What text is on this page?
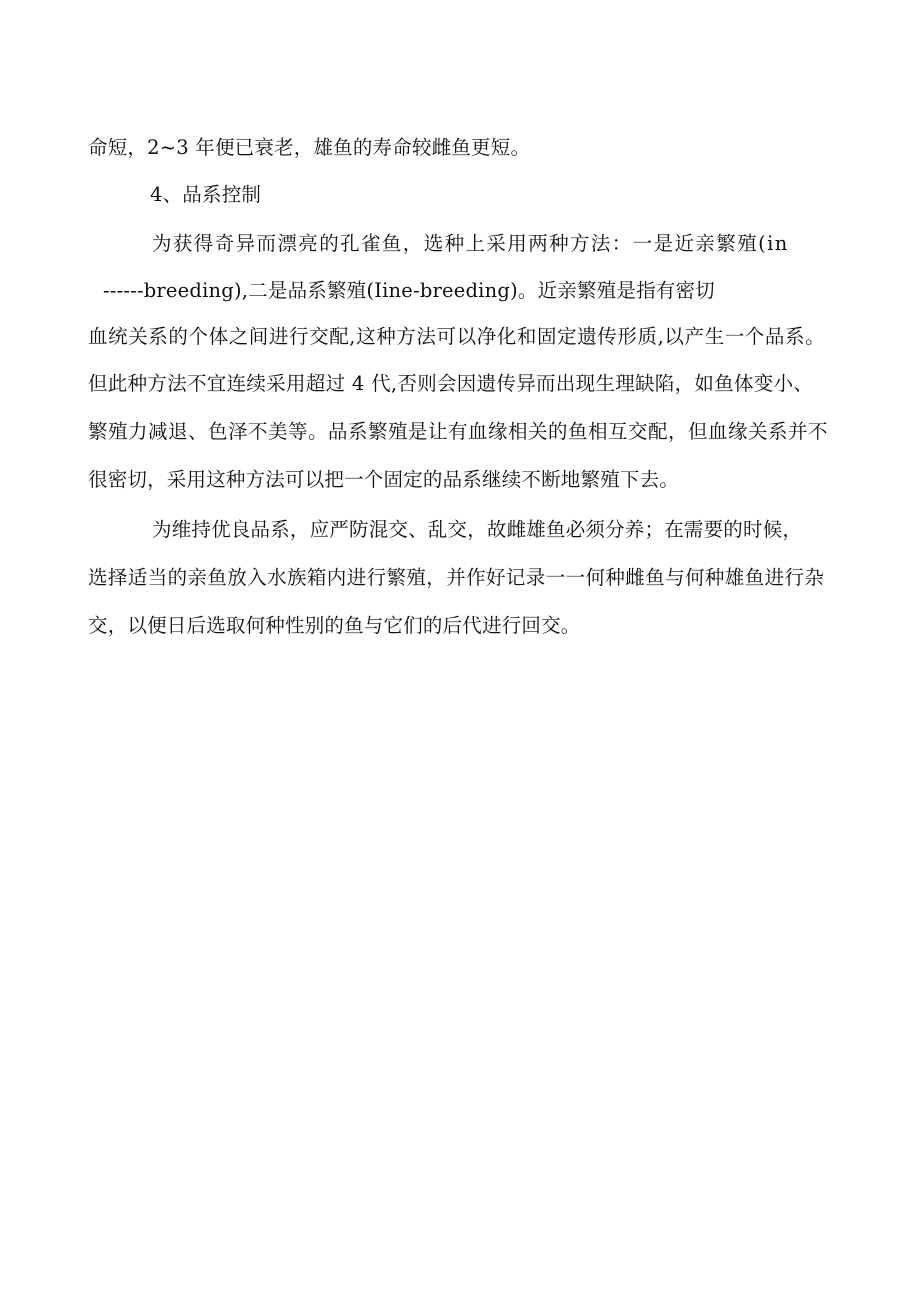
命短，2~3 年便已衰老，雄鱼的寿命较雌鱼更短。
4、品系控制
为获得奇异而漂亮的孔雀鱼，选种上采用两种方法：一是近亲繁殖(in
------breeding),二是品系繁殖(Iine-breeding)。近亲繁殖是指有密切
血统关系的个体之间进行交配,这种方法可以净化和固定遗传形质,以产生一个品系。
但此种方法不宜连续采用超过 4 代,否则会因遗传异而出现生理缺陷，如鱼体变小、
繁殖力减退、色泽不美等。品系繁殖是让有血缘相关的鱼相互交配，但血缘关系并不
很密切，采用这种方法可以把一个固定的品系继续不断地繁殖下去。
为维持优良品系，应严防混交、乱交，故雌雄鱼必须分养；在需要的时候，
选择适当的亲鱼放入水族箱内进行繁殖，并作好记录一一何种雌鱼与何种雄鱼进行杂
交，以便日后选取何种性别的鱼与它们的后代进行回交。
